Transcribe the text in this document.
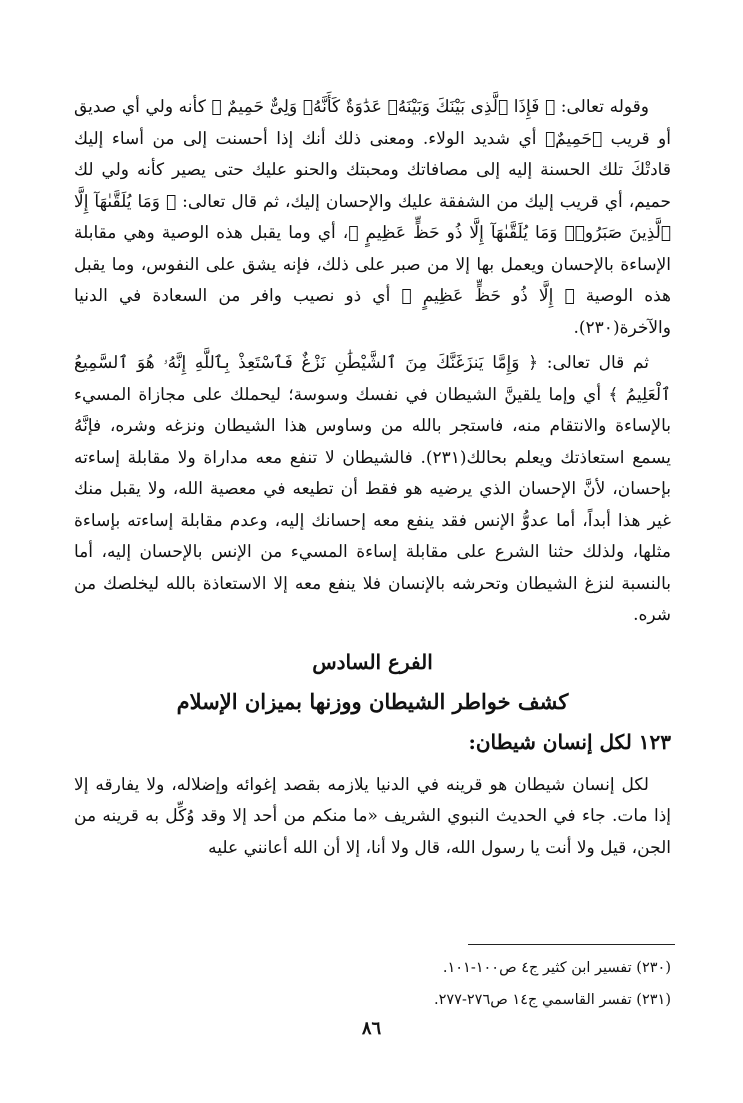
وقوله تعالى: ﴿ فَإِذَا ٱلَّذِى بَيْنَكَ وَبَيْنَهُۥ عَدَٰوَةٌ كَأَنَّهُۥ وَلِىٌّ حَمِيمٌ ﴾ كأنه ولي أي صديق أو قريب ﴿حَمِيمٌ﴾ أي شديد الولاء. ومعنى ذلك أنك إذا أحسنت إلى من أساء إليك قادتْكَ تلك الحسنة إليه إلى مصافاتك ومحبتك والحنو عليك حتى يصير كأنه ولي لك حميم، أي قريب إليك من الشفقة عليك والإحسان إليك، ثم قال تعالى: ﴿ وَمَا يُلَقَّىٰهَآ إِلَّا ٱلَّذِينَ صَبَرُوا۟ وَمَا يُلَقَّىٰهَآ إِلَّا ذُو حَظٍّ عَظِيمٍ ﴾، أي وما يقبل هذه الوصية وهي مقابلة الإساءة بالإحسان ويعمل بها إلا من صبر على ذلك، فإنه يشق على النفوس، وما يقبل هذه الوصية ﴿ إِلَّا ذُو حَظٍّ عَظِيمٍ ﴾ أي ذو نصيب وافر من السعادة في الدنيا والآخرة(٢٣٠).

ثم قال تعالى: ﴿ وَإِمَّا يَنزَغَنَّكَ مِنَ ٱلشَّيْطَٰنِ نَزْغٌ فَٱسْتَعِذْ بِٱللَّهِ إِنَّهُۥ هُوَ ٱلسَّمِيعُ ٱلْعَلِيمُ ﴾ أي وإما يلقينَّ الشيطان في نفسك وسوسة؛ ليحملك على مجازاة المسيء بالإساءة والانتقام منه، فاستجر بالله من وساوس هذا الشيطان ونزغه وشره، فإنَّهُ يسمع استعاذتك ويعلم بحالك(٢٣١). فالشيطان لا تنفع معه مداراة ولا مقابلة إساءته بإحسان، لأنَّ الإحسان الذي يرضيه هو فقط أن تطيعه في معصية الله، ولا يقبل منك غير هذا أبداً، أما عدوُّ الإنس فقد ينفع معه إحسانك إليه، وعدم مقابلة إساءته بإساءة مثلها، ولذلك حثنا الشرع على مقابلة إساءة المسيء من الإنس بالإحسان إليه، أما بالنسبة لنزغ الشيطان وتحرشه بالإنسان فلا ينفع معه إلا الاستعاذة بالله ليخلصك من شره.

الفرع السادس
كشف خواطر الشيطان ووزنها بميزان الإسلام
١٢٣ لكل إنسان شيطان:

لكل إنسان شيطان هو قرينه في الدنيا يلازمه بقصد إغوائه وإضلاله، ولا يفارقه إلا إذا مات. جاء في الحديث النبوي الشريف «ما منكم من أحد إلا وقد وُكِّل به قرينه من الجن، قيل ولا أنت يا رسول الله، قال ولا أنا، إلا أن الله أعانني عليه

(٢٣٠) تفسير ابن كثير ج٤ ص١٠٠-١٠١.

(٢٣١) تفسر القاسمي ج١٤ ص٢٧٦-٢٧٧.

٨٦
